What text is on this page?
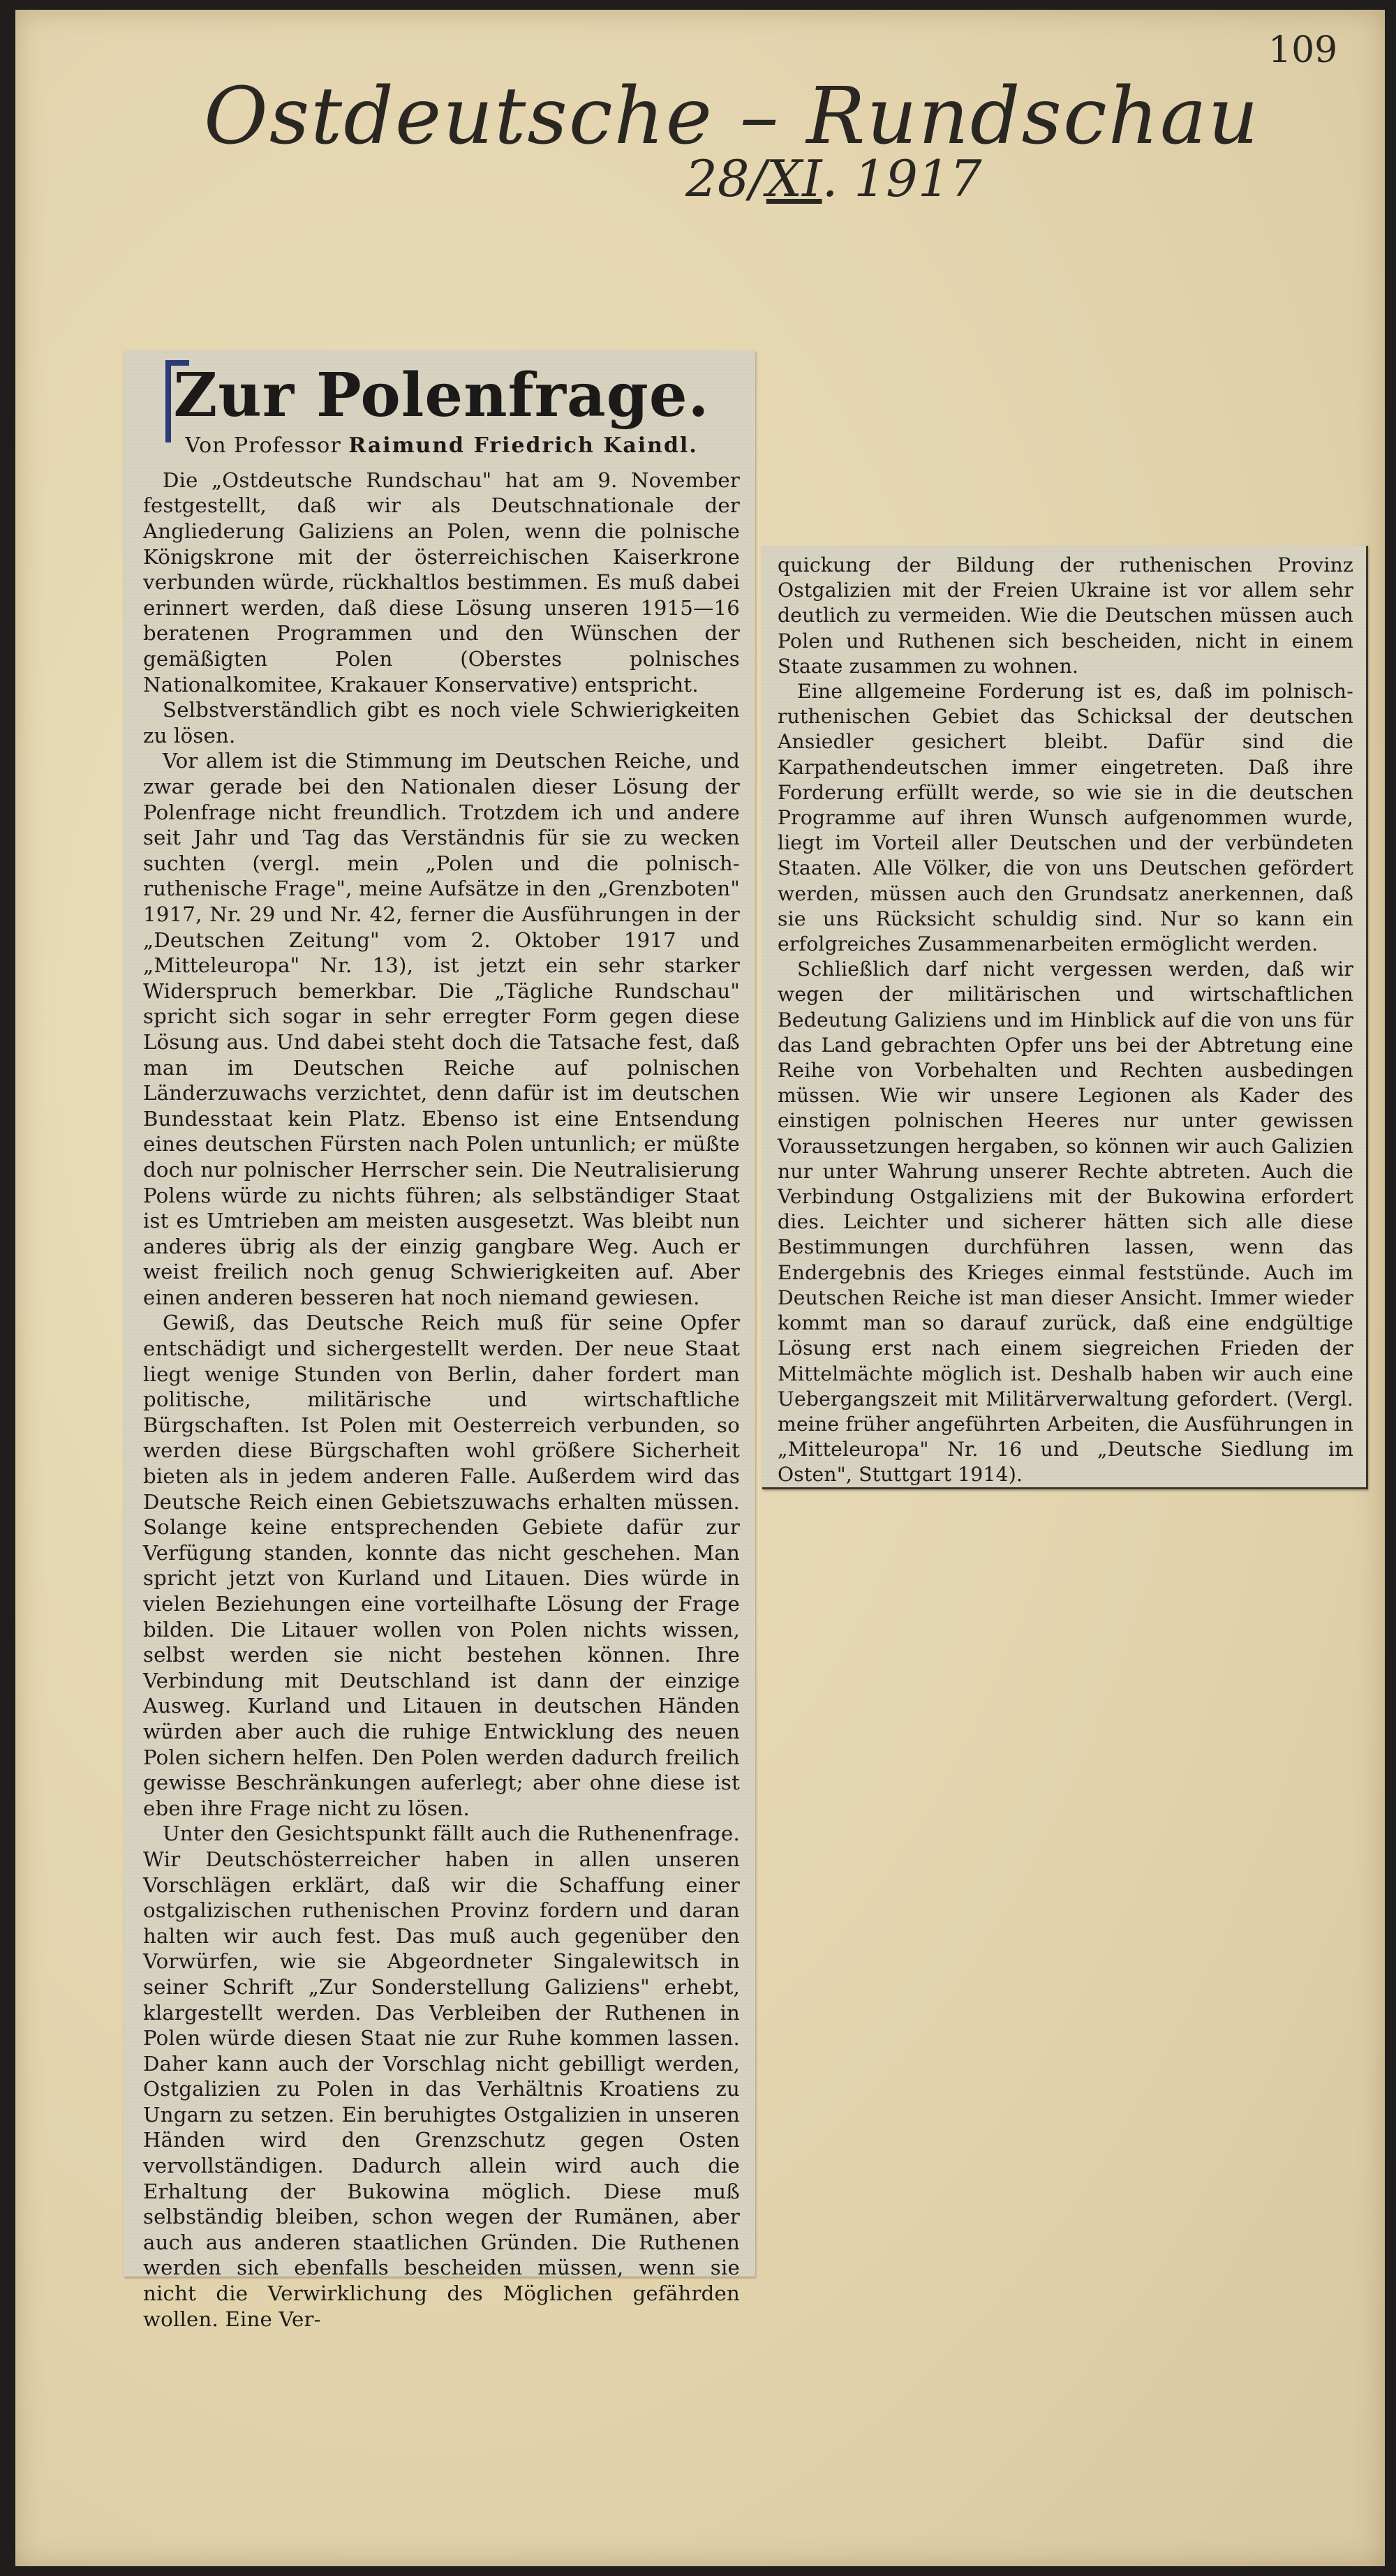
109
Ostdeutsche – Rundschau
28/XI. 1917
Zur Polenfrage.
Von Professor Raimund Friedrich Kaindl.

Die „Ostdeutsche Rundschau" hat am 9. November festgestellt, daß wir als Deutschnationale der Angliederung Galiziens an Polen, wenn die polnische Königskrone mit der österreichischen Kaiserkrone verbunden würde, rückhaltlos bestimmen. Es muß dabei erinnert werden, daß diese Lösung unseren 1915—16 beratenen Programmen und den Wünschen der gemäßigten Polen (Oberstes polnisches Nationalkomitee, Krakauer Konservative) entspricht.

Selbstverständlich gibt es noch viele Schwierigkeiten zu lösen.

Vor allem ist die Stimmung im Deutschen Reiche, und zwar gerade bei den Nationalen dieser Lösung der Polenfrage nicht freundlich. Trotzdem ich und andere seit Jahr und Tag das Verständnis für sie zu wecken suchten (vergl. mein „Polen und die polnisch-ruthenische Frage", meine Aufsätze in den „Grenzboten" 1917, Nr. 29 und Nr. 42, ferner die Ausführungen in der „Deutschen Zeitung" vom 2. Oktober 1917 und „Mitteleuropa" Nr. 13), ist jetzt ein sehr starker Widerspruch bemerkbar. Die „Tägliche Rundschau" spricht sich sogar in sehr erregter Form gegen diese Lösung aus. Und dabei steht doch die Tatsache fest, daß man im Deutschen Reiche auf polnischen Länderzuwachs verzichtet, denn dafür ist im deutschen Bundesstaat kein Platz. Ebenso ist eine Entsendung eines deutschen Fürsten nach Polen untunlich; er müßte doch nur polnischer Herrscher sein. Die Neutralisierung Polens würde zu nichts führen; als selbständiger Staat ist es Umtrieben am meisten ausgesetzt. Was bleibt nun anderes übrig als der einzig gangbare Weg. Auch er weist freilich noch genug Schwierigkeiten auf. Aber einen anderen besseren hat noch niemand gewiesen.

Gewiß, das Deutsche Reich muß für seine Opfer entschädigt und sichergestellt werden. Der neue Staat liegt wenige Stunden von Berlin, daher fordert man politische, militärische und wirtschaftliche Bürgschaften. Ist Polen mit Oesterreich verbunden, so werden diese Bürgschaften wohl größere Sicherheit bieten als in jedem anderen Falle. Außerdem wird das Deutsche Reich einen Gebietszuwachs erhalten müssen. Solange keine entsprechenden Gebiete dafür zur Verfügung standen, konnte das nicht geschehen. Man spricht jetzt von Kurland und Litauen. Dies würde in vielen Beziehungen eine vorteilhafte Lösung der Frage bilden. Die Litauer wollen von Polen nichts wissen, selbst werden sie nicht bestehen können. Ihre Verbindung mit Deutschland ist dann der einzige Ausweg. Kurland und Litauen in deutschen Händen würden aber auch die ruhige Entwicklung des neuen Polen sichern helfen. Den Polen werden dadurch freilich gewisse Beschränkungen auferlegt; aber ohne diese ist eben ihre Frage nicht zu lösen.

Unter den Gesichtspunkt fällt auch die Ruthenenfrage. Wir Deutschösterreicher haben in allen unseren Vorschlägen erklärt, daß wir die Schaffung einer ostgalizischen ruthenischen Provinz fordern und daran halten wir auch fest. Das muß auch gegenüber den Vorwürfen, wie sie Abgeordneter Singalewitsch in seiner Schrift „Zur Sonderstellung Galiziens" erhebt, klargestellt werden. Das Verbleiben der Ruthenen in Polen würde diesen Staat nie zur Ruhe kommen lassen. Daher kann auch der Vorschlag nicht gebilligt werden, Ostgalizien zu Polen in das Verhältnis Kroatiens zu Ungarn zu setzen. Ein beruhigtes Ostgalizien in unseren Händen wird den Grenzschutz gegen Osten vervollständigen. Dadurch allein wird auch die Erhaltung der Bukowina möglich. Diese muß selbständig bleiben, schon wegen der Rumänen, aber auch aus anderen staatlichen Gründen. Die Ruthenen werden sich ebenfalls bescheiden müssen, wenn sie nicht die Verwirklichung des Möglichen gefährden wollen. Eine Ver-

quickung der Bildung der ruthenischen Provinz Ostgalizien mit der Freien Ukraine ist vor allem sehr deutlich zu vermeiden. Wie die Deutschen müssen auch Polen und Ruthenen sich bescheiden, nicht in einem Staate zusammen zu wohnen.

Eine allgemeine Forderung ist es, daß im polnisch-ruthenischen Gebiet das Schicksal der deutschen Ansiedler gesichert bleibt. Dafür sind die Karpathendeutschen immer eingetreten. Daß ihre Forderung erfüllt werde, so wie sie in die deutschen Programme auf ihren Wunsch aufgenommen wurde, liegt im Vorteil aller Deutschen und der verbündeten Staaten. Alle Völker, die von uns Deutschen gefördert werden, müssen auch den Grundsatz anerkennen, daß sie uns Rücksicht schuldig sind. Nur so kann ein erfolgreiches Zusammenarbeiten ermöglicht werden.

Schließlich darf nicht vergessen werden, daß wir wegen der militärischen und wirtschaftlichen Bedeutung Galiziens und im Hinblick auf die von uns für das Land gebrachten Opfer uns bei der Abtretung eine Reihe von Vorbehalten und Rechten ausbedingen müssen. Wie wir unsere Legionen als Kader des einstigen polnischen Heeres nur unter gewissen Voraussetzungen hergaben, so können wir auch Galizien nur unter Wahrung unserer Rechte abtreten. Auch die Verbindung Ostgaliziens mit der Bukowina erfordert dies. Leichter und sicherer hätten sich alle diese Bestimmungen durchführen lassen, wenn das Endergebnis des Krieges einmal feststünde. Auch im Deutschen Reiche ist man dieser Ansicht. Immer wieder kommt man so darauf zurück, daß eine endgültige Lösung erst nach einem siegreichen Frieden der Mittelmächte möglich ist. Deshalb haben wir auch eine Uebergangszeit mit Militärverwaltung gefordert. (Vergl. meine früher angeführten Arbeiten, die Ausführungen in „Mitteleuropa" Nr. 16 und „Deutsche Siedlung im Osten", Stuttgart 1914).
